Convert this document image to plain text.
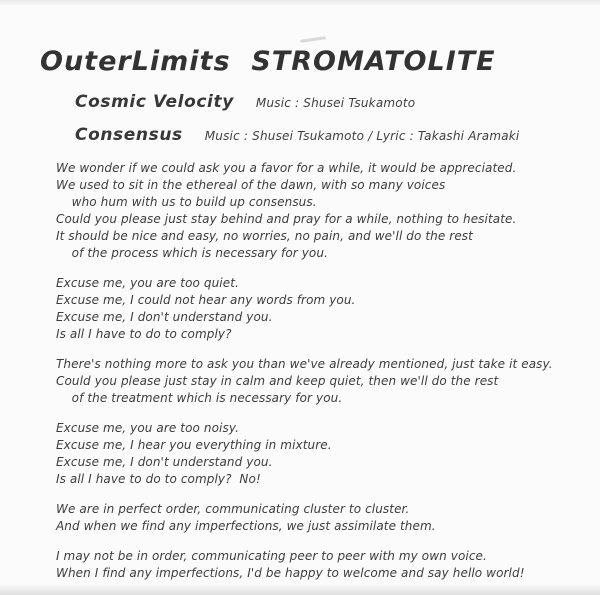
OuterLimits  STROMATOLITE
Cosmic Velocity Music : Shusei Tsukamoto
Consensus Music : Shusei Tsukamoto / Lyric : Takashi Aramaki

We wonder if we could ask you a favor for a while, it would be appreciated.
We used to sit in the ethereal of the dawn, with so many voices
who hum with us to build up consensus.
Could you please just stay behind and pray for a while, nothing to hesitate.
It should be nice and easy, no worries, no pain, and we'll do the rest
of the process which is necessary for you.

Excuse me, you are too quiet.
Excuse me, I could not hear any words from you.
Excuse me, I don't understand you.
Is all I have to do to comply?

There's nothing more to ask you than we've already mentioned, just take it easy.
Could you please just stay in calm and keep quiet, then we'll do the rest
of the treatment which is necessary for you.

Excuse me, you are too noisy.
Excuse me, I hear you everything in mixture.
Excuse me, I don't understand you.
Is all I have to do to comply?  No!

We are in perfect order, communicating cluster to cluster.
And when we find any imperfections, we just assimilate them.

I may not be in order, communicating peer to peer with my own voice.
When I find any imperfections, I'd be happy to welcome and say hello world!
